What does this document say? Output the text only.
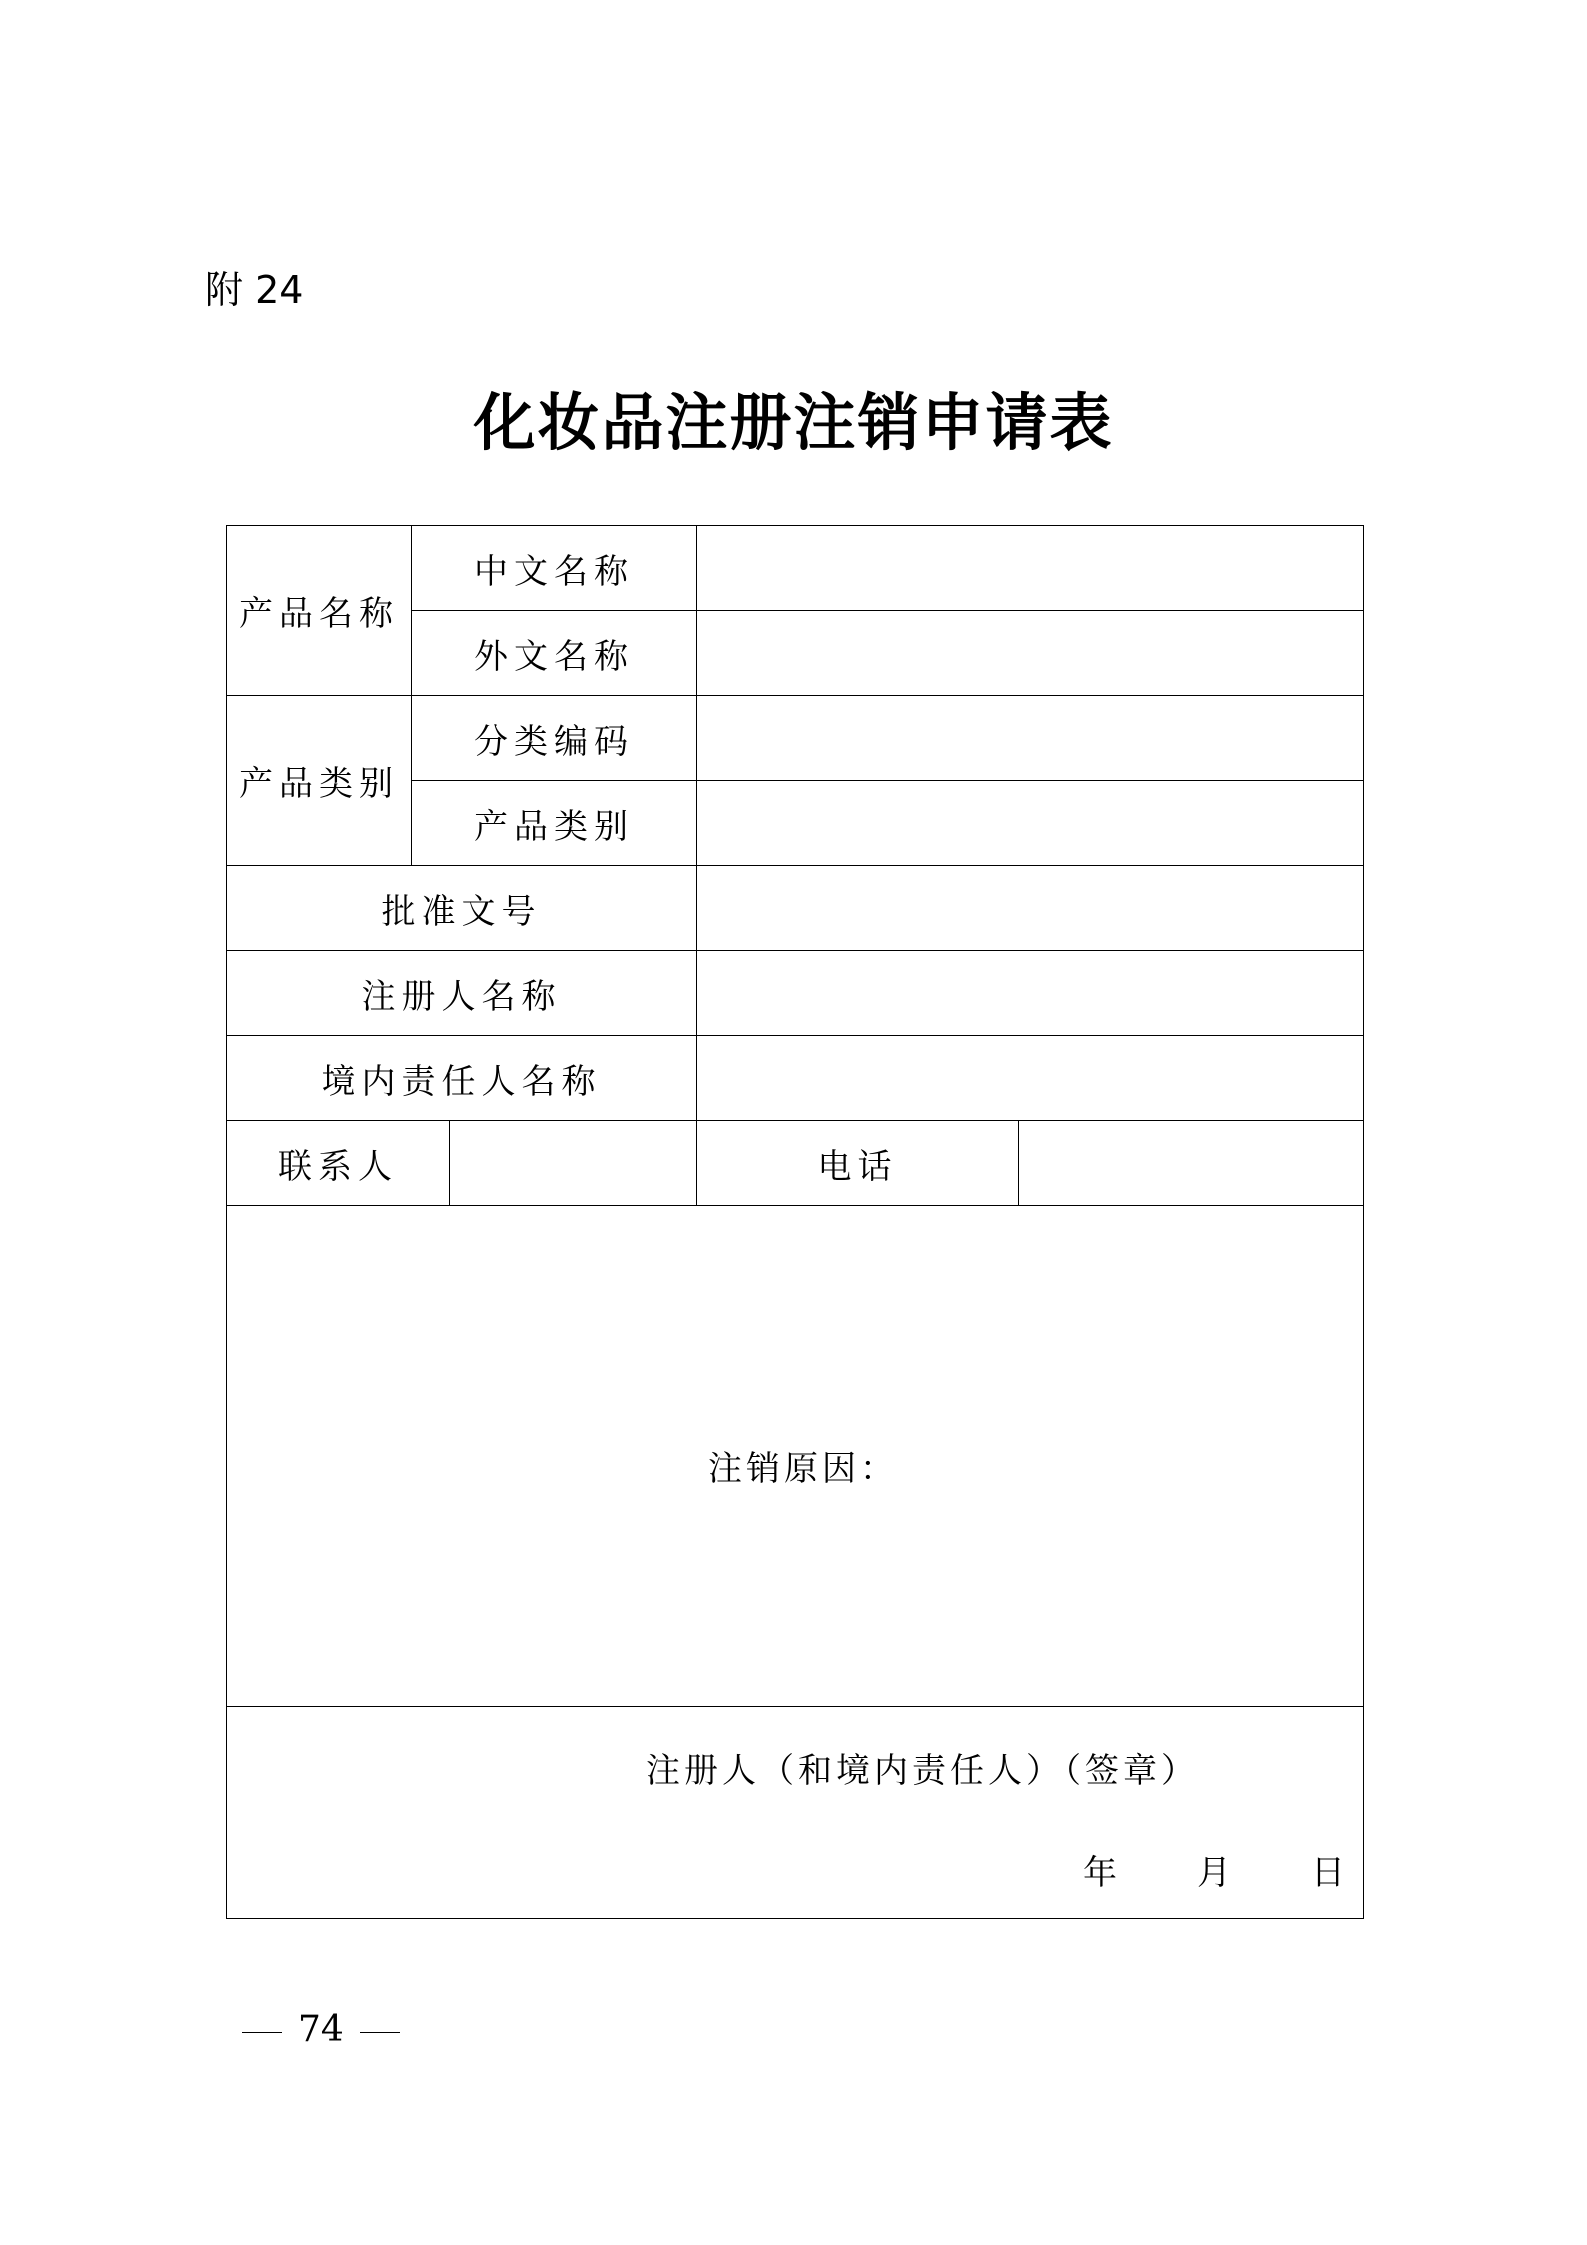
附 24
化妆品注册注销申请表
产品名称	中文名称			
	外文名称			
产品类别	分类编码			
	产品类别			
批准文号				
注册人名称				
境内责任人名称				
联系人			电话	

注销原因：				

注册人（和境内责任人）（签章）
年 月 日				
74
